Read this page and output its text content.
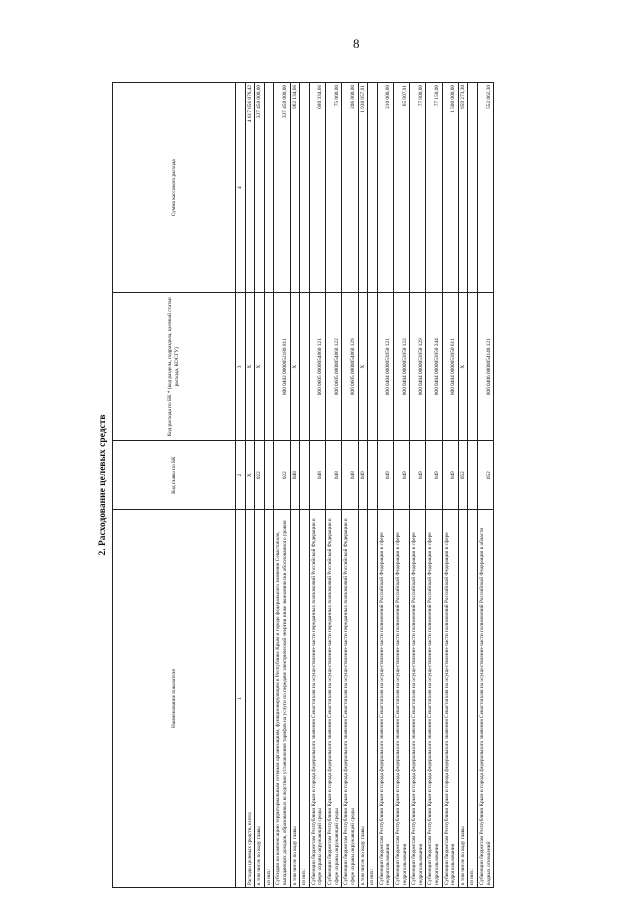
8
2. Расходование целевых средств
Наименование показателя	Код главы по БК	Код расхода по БК * (код раздела, подраздела, целевой статьи расхода, КОСГУ)	Сумма кассового расхода
1	2	3	4
Расходы целевых средств, всего:	X	X	4 617 656 076,42
в том числе по коду главы	022	X	337 458 000,00
из них:			
Субсидии на компенсацию территориальным сетевым организациям, функционирующим в Республике Крым и городе федерального значения Севастополе, выпадающих доходов, образованных вследствие установления тарифов на услуги по передаче электрической энергии ниже экономически обоснованного уровня	022	000 0402 0000052180 811	337 458 000,00
в том числе по коду главы	048	X	962 134,66
из них:			
Субвенции бюджетам Республики Крым и города федерального значения Севастополя на осуществление части переданных полномочий Российской Федерации в сфере охраны окружающей среды	048	000 0605 0000054860 121	680 334,66
Субвенции бюджетам Республики Крым и города федерального значения Севастополя на осуществление части переданных полномочий Российской Федерации в сфере охраны окружающей среды	048	000 0605 0000054860 122	75 000,00
Субвенции бюджетам Республики Крым и города федерального значения Севастополя на осуществление части переданных полномочий Российской Федерации в сфере охраны окружающей среды	048	000 0605 0000054860 129	206 800,00
в том числе по коду главы	049	X	1 930 957,91
из них:			
Субвенции бюджетам Республики Крым и города федерального значения Севастополя на осуществление части полномочий Российской Федерации в сфере недропользования	049	000 0404 0000053950 121	210 000,00
Субвенции бюджетам Республики Крым и города федерального значения Севастополя на осуществление части полномочий Российской Федерации в сфере недропользования	049	000 0404 0000053950 122	65 907,91
Субвенции бюджетам Республики Крым и города федерального значения Севастополя на осуществление части полномочий Российской Федерации в сфере недропользования	049	000 0404 0000053950 129	77 900,00
Субвенции бюджетам Республики Крым и города федерального значения Севастополя на осуществление части полномочий Российской Федерации в сфере недропользования	049	000 0404 0000053950 244	77 150,00
Субвенции бюджетам Республики Крым и города федерального значения Севастополя на осуществление части полномочий Российской Федерации в сфере недропользования	049	000 0404 0000053950 611	1 500 000,00
в том числе по коду главы	052	X	959 273,30
из них:			
Субвенции бюджетам Республики Крым и города федерального значения Севастополя на осуществление части полномочий Российской Федерации в области водных отношений	052	000 0406 0000054140 121	552 062,30
